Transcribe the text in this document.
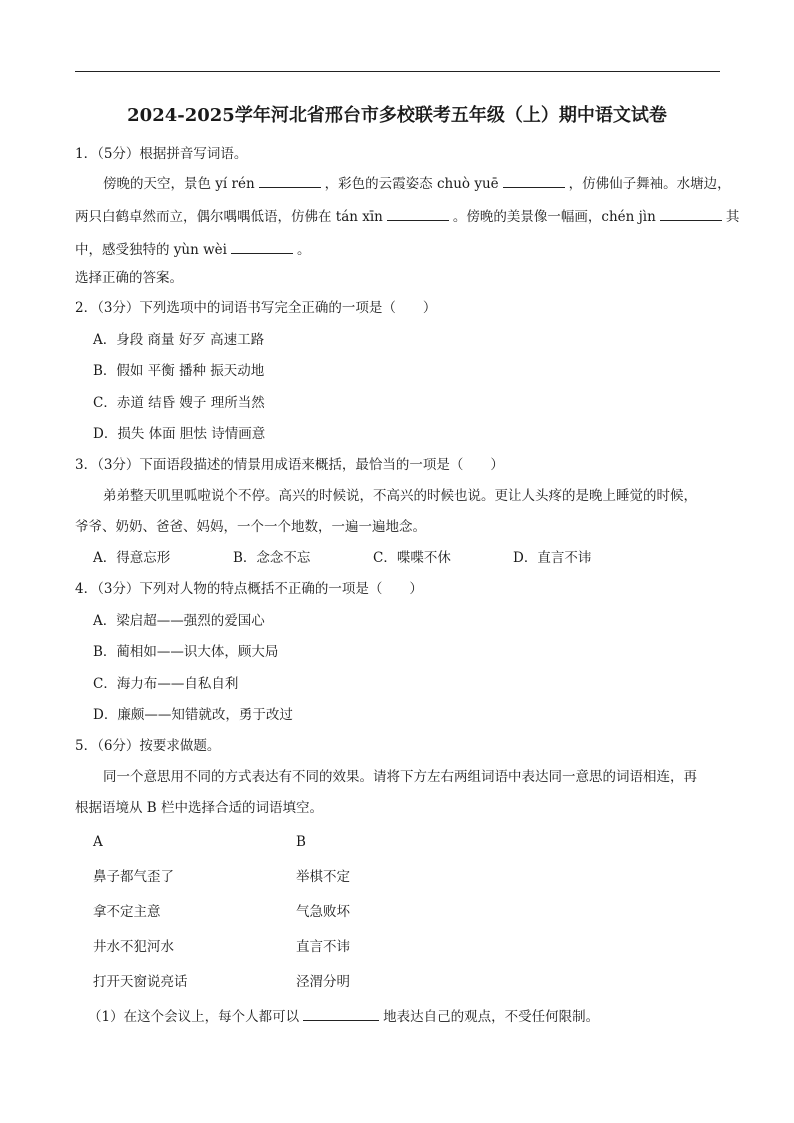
2024-2025学年河北省邢台市多校联考五年级（上）期中语文试卷
1．（5分）根据拼音写词语。
傍晚的天空，景色 yí rén	，彩色的云霞姿态 chuò yuē	，仿佛仙子舞袖。水塘边，
两只白鹤卓然而立，偶尔喁喁低语，仿佛在 tán xīn	。傍晚的美景像一幅画，chén jìn	其
中，感受独特的 yùn wèi	。
选择正确的答案。
2．（3分）下列选项中的词语书写完全正确的一项是（　　）
A．身段 商量 好歹 高速工路
B．假如 平衡 播种 振天动地
C．赤道 结昏 嫂子 理所当然
D．损失 体面 胆怯 诗情画意
3．（3分）下面语段描述的情景用成语来概括，最恰当的一项是（　　）
弟弟整天叽里呱啦说个不停。高兴的时候说，不高兴的时候也说。更让人头疼的是晚上睡觉的时候，
爷爷、奶奶、爸爸、妈妈，一个一个地数，一遍一遍地念。
A．得意忘形	B．念念不忘	C．喋喋不休	D．直言不讳
4．（3分）下列对人物的特点概括不正确的一项是（　　）
A．梁启超——强烈的爱国心
B．蔺相如——识大体，顾大局
C．海力布——自私自利
D．廉颇——知错就改，勇于改过
5．（6分）按要求做题。
同一个意思用不同的方式表达有不同的效果。请将下方左右两组词语中表达同一意思的词语相连，再
根据语境从 B 栏中选择合适的词语填空。
A	B
鼻子都气歪了	举棋不定
拿不定主意	气急败坏
井水不犯河水	直言不讳
打开天窗说亮话	泾渭分明
（1）在这个会议上，每个人都可以	地表达自己的观点，不受任何限制。
